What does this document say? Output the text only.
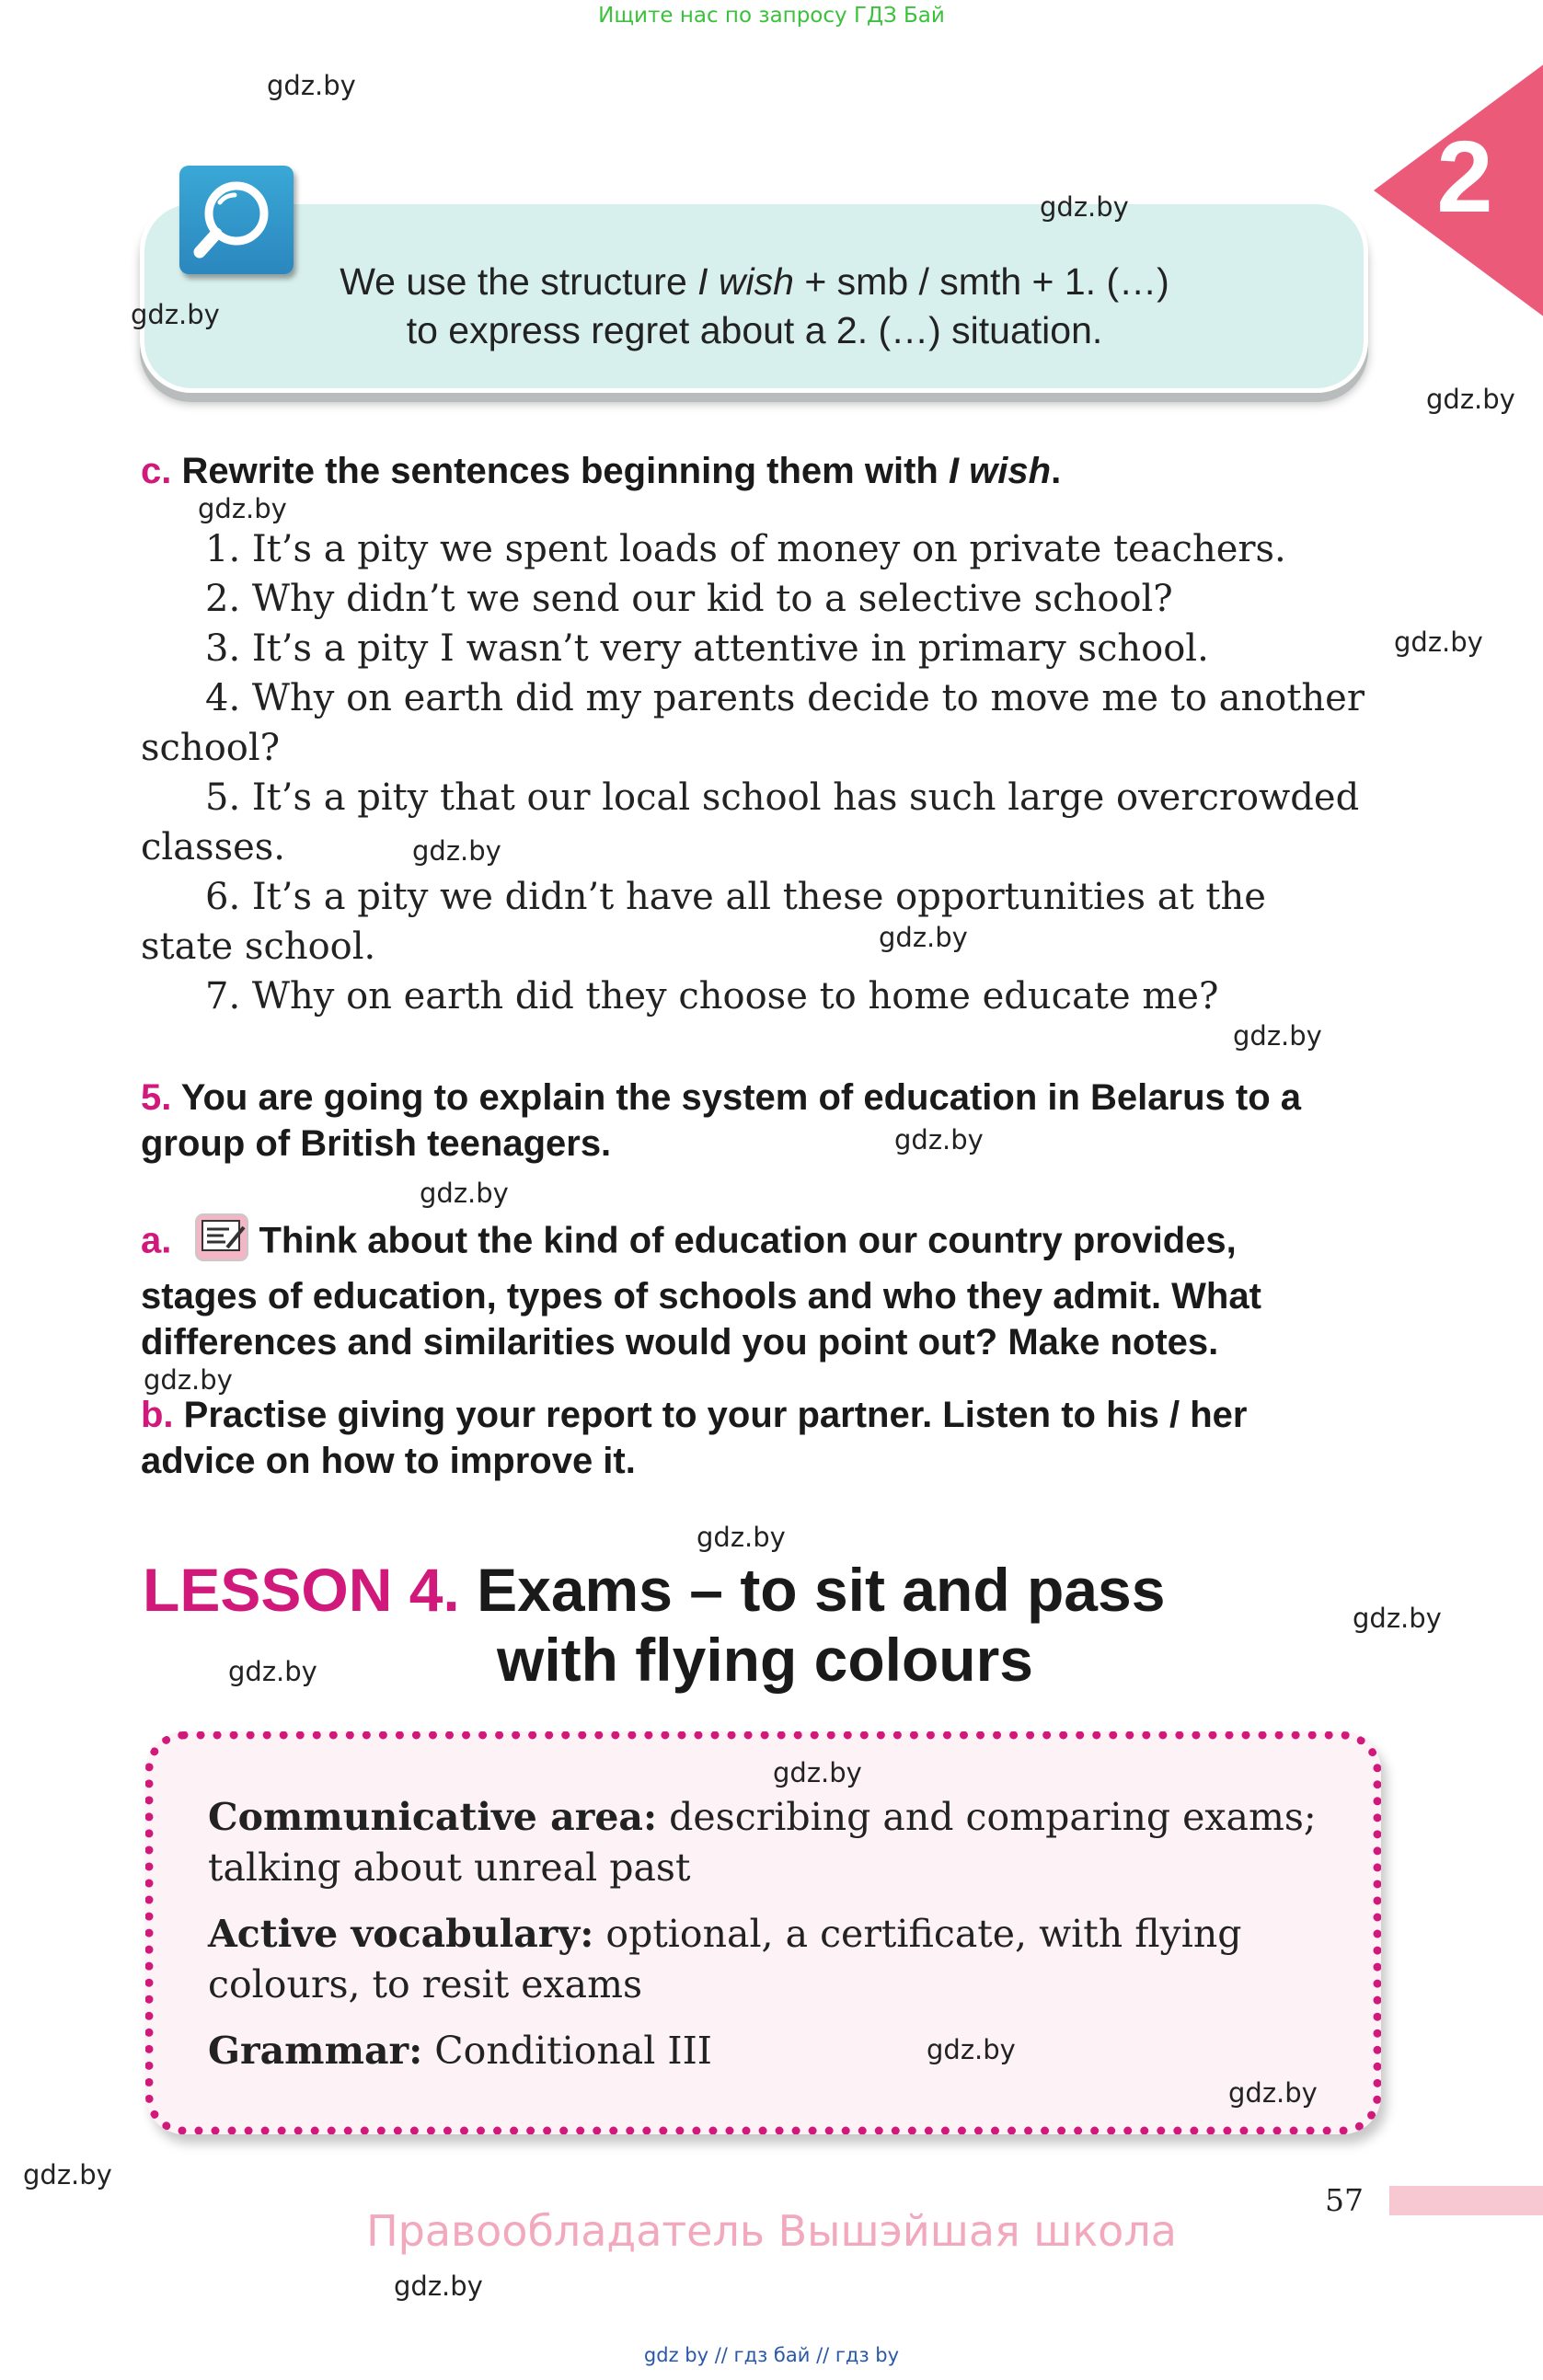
Ищите нас по запросу ГДЗ Бай
2
We use the structure I wish + smb / smth + 1. (…)
to express regret about a 2. (…) situation.
c. Rewrite the sentences beginning them with I wish.
1. It’s a pity we spent loads of money on private teachers.
2. Why didn’t we send our kid to a selective school?
3. It’s a pity I wasn’t very attentive in primary school.
4. Why on earth did my parents decide to move me to another
school?
5. It’s a pity that our local school has such large overcrowded
classes.
6. It’s a pity we didn’t have all these opportunities at the
state school.
7. Why on earth did they choose to home educate me?
5. You are going to explain the system of education in Belarus to a
group of British teenagers.
a. Think about the kind of education our country provides,
stages of education, types of schools and who they admit. What
differences and similarities would you point out? Make notes.
b. Practise giving your report to your partner. Listen to his / her
advice on how to improve it.
LESSON 4. Exams – to sit and pass
with flying colours
Communicative area: describing and comparing exams;
talking about unreal past
Active vocabulary: optional, a certificate, with flying
colours, to resit exams
Grammar: Conditional III
gdz.by
gdz.by
gdz.by
gdz.by
gdz.by
gdz.by
gdz.by
gdz.by
gdz.by
gdz.by
gdz.by
gdz.by
gdz.by
gdz.by
gdz.by
gdz.by
gdz.by
gdz.by
gdz.by
gdz.by
57
Правообладатель Вышэйшая школа
gdz by // гдз бай // гдз by
